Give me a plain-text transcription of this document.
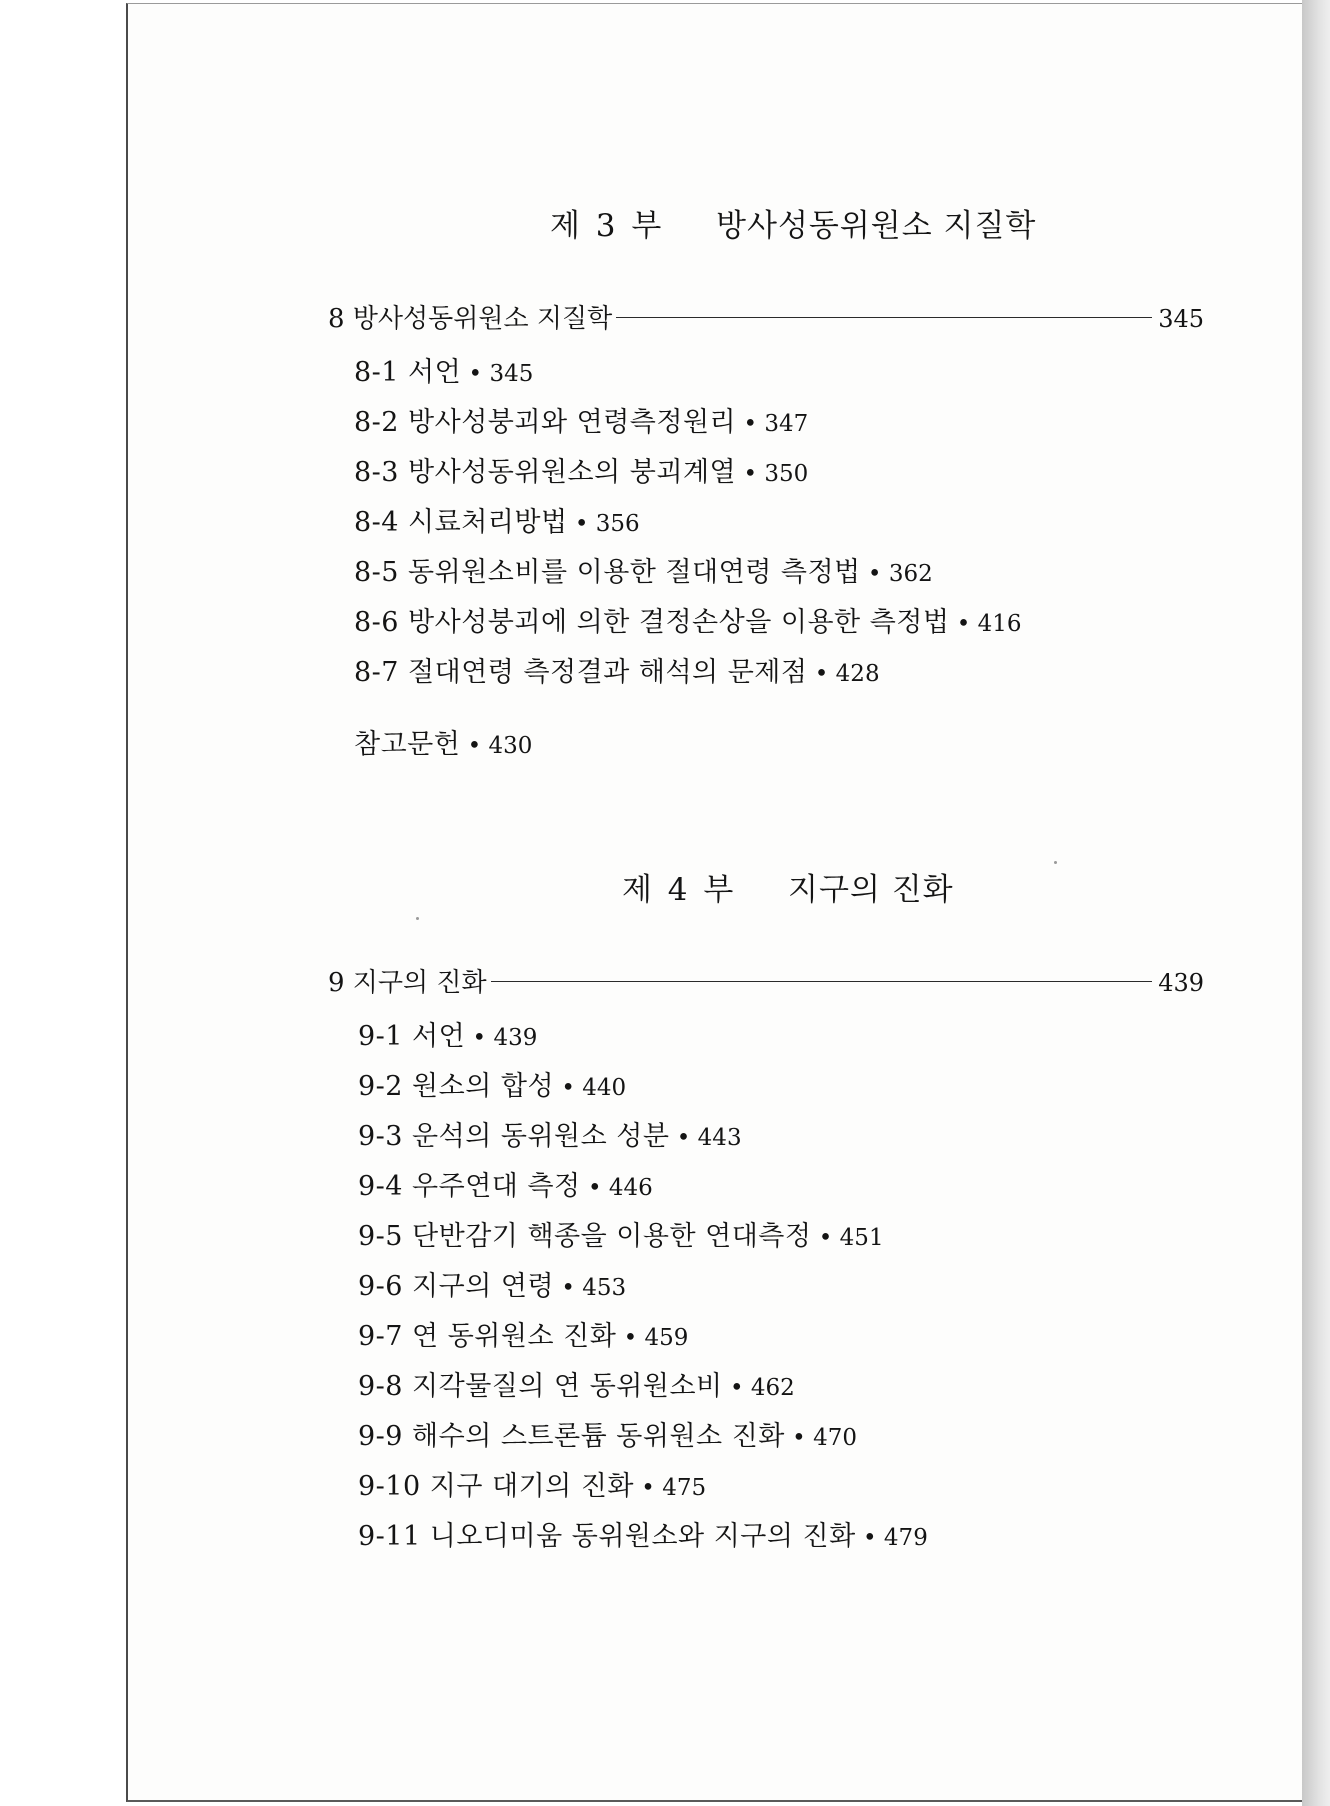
제 3 부 방사성동위원소 지질학
8 방사성동위원소 지질학	345
8-1 서언 • 345
8-2 방사성붕괴와 연령측정원리 • 347
8-3 방사성동위원소의 붕괴계열 • 350
8-4 시료처리방법 • 356
8-5 동위원소비를 이용한 절대연령 측정법 • 362
8-6 방사성붕괴에 의한 결정손상을 이용한 측정법 • 416
8-7 절대연령 측정결과 해석의 문제점 • 428
참고문헌 • 430
제 4 부 지구의 진화
9 지구의 진화	439
9-1 서언 • 439
9-2 원소의 합성 • 440
9-3 운석의 동위원소 성분 • 443
9-4 우주연대 측정 • 446
9-5 단반감기 핵종을 이용한 연대측정 • 451
9-6 지구의 연령 • 453
9-7 연 동위원소 진화 • 459
9-8 지각물질의 연 동위원소비 • 462
9-9 해수의 스트론튬 동위원소 진화 • 470
9-10 지구 대기의 진화 • 475
9-11 니오디미움 동위원소와 지구의 진화 • 479
